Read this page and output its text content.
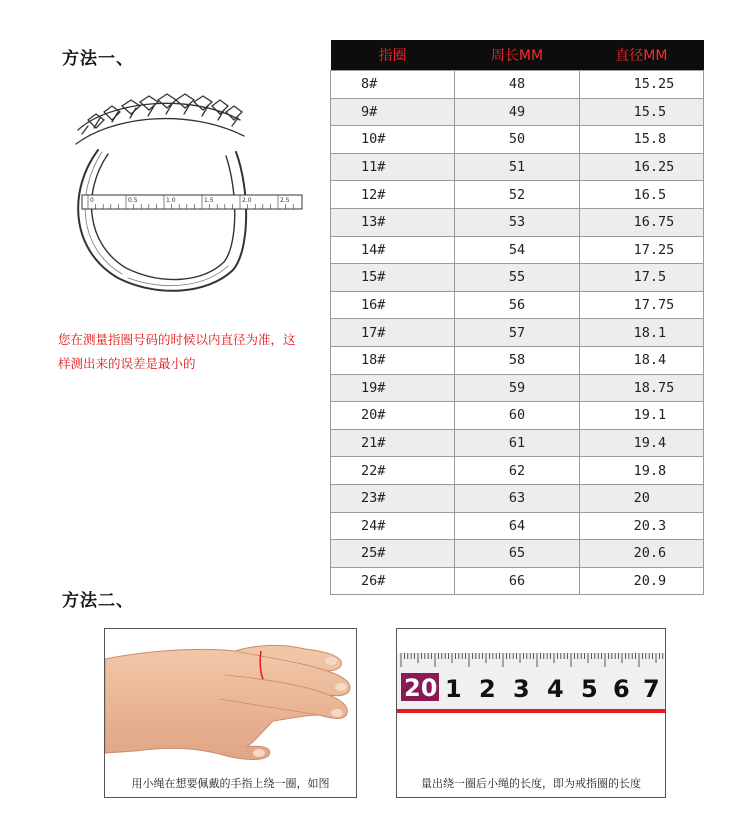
方法一、
0	0.5	1.0	1.5	2.0	2.5
您在测量指圈号码的时候以内直径为准，这样测出来的误差是最小的
指圈	周长MM	直径MM
8#	48	15.25
9#	49	15.5
10#	50	15.8
11#	51	16.25
12#	52	16.5
13#	53	16.75
14#	54	17.25
15#	55	17.5
16#	56	17.75
17#	57	18.1
18#	58	18.4
19#	59	18.75
20#	60	19.1
21#	61	19.4
22#	62	19.8
23#	63	20
24#	64	20.3
25#	65	20.6
26#	66	20.9
方法二、
用小绳在想要佩戴的手指上绕一圈，如图
20 1 2 3 4 5 6 7
量出绕一圈后小绳的长度，即为戒指圈的长度
